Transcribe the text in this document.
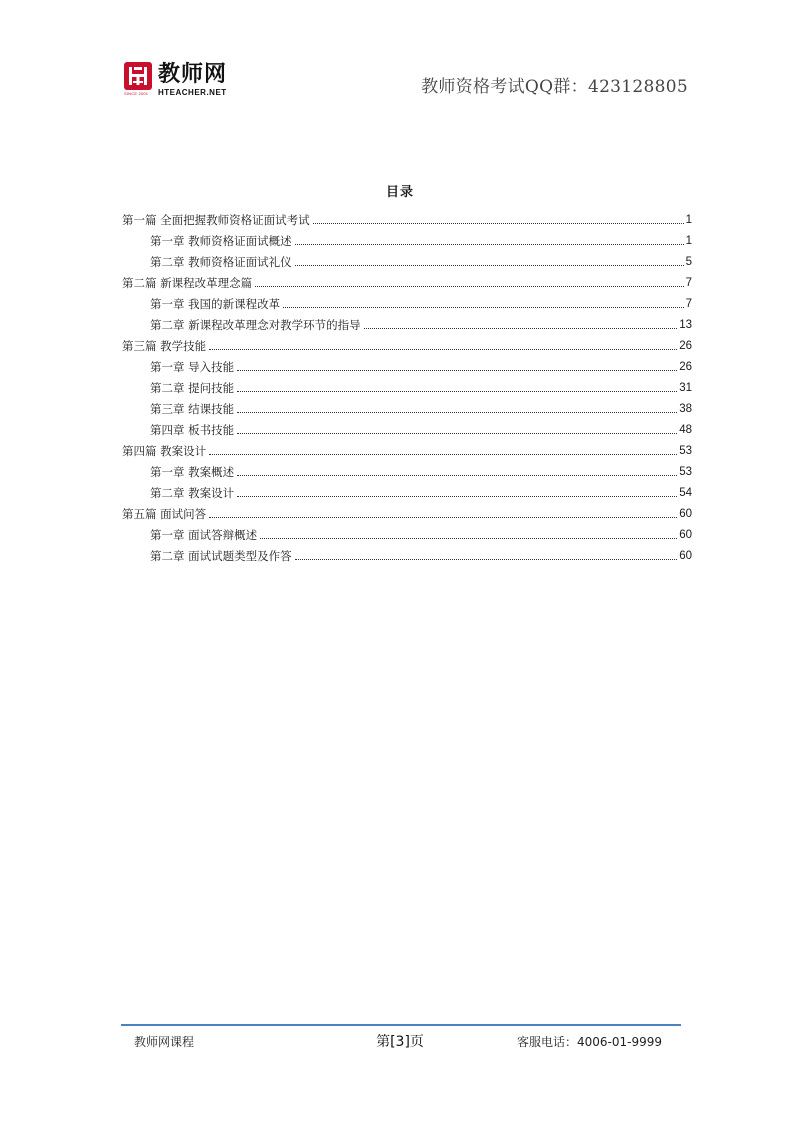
SINCE 2001
教师网
HTEACHER.NET	教师资格考试QQ群：423128805
目录
第一篇 全面把握教师资格证面试考试	1
第一章 教师资格证面试概述	1
第二章 教师资格证面试礼仪	5
第二篇 新课程改革理念篇	7
第一章 我国的新课程改革	7
第二章 新课程改革理念对教学环节的指导	13
第三篇 教学技能	26
第一章 导入技能	26
第二章 提问技能	31
第三章 结课技能	38
第四章 板书技能	48
第四篇 教案设计	53
第一章 教案概述	53
第二章 教案设计	54
第五篇 面试问答	60
第一章 面试答辩概述	60
第二章 面试试题类型及作答	60
教师网课程	第[3]页	客服电话：4006-01-9999
